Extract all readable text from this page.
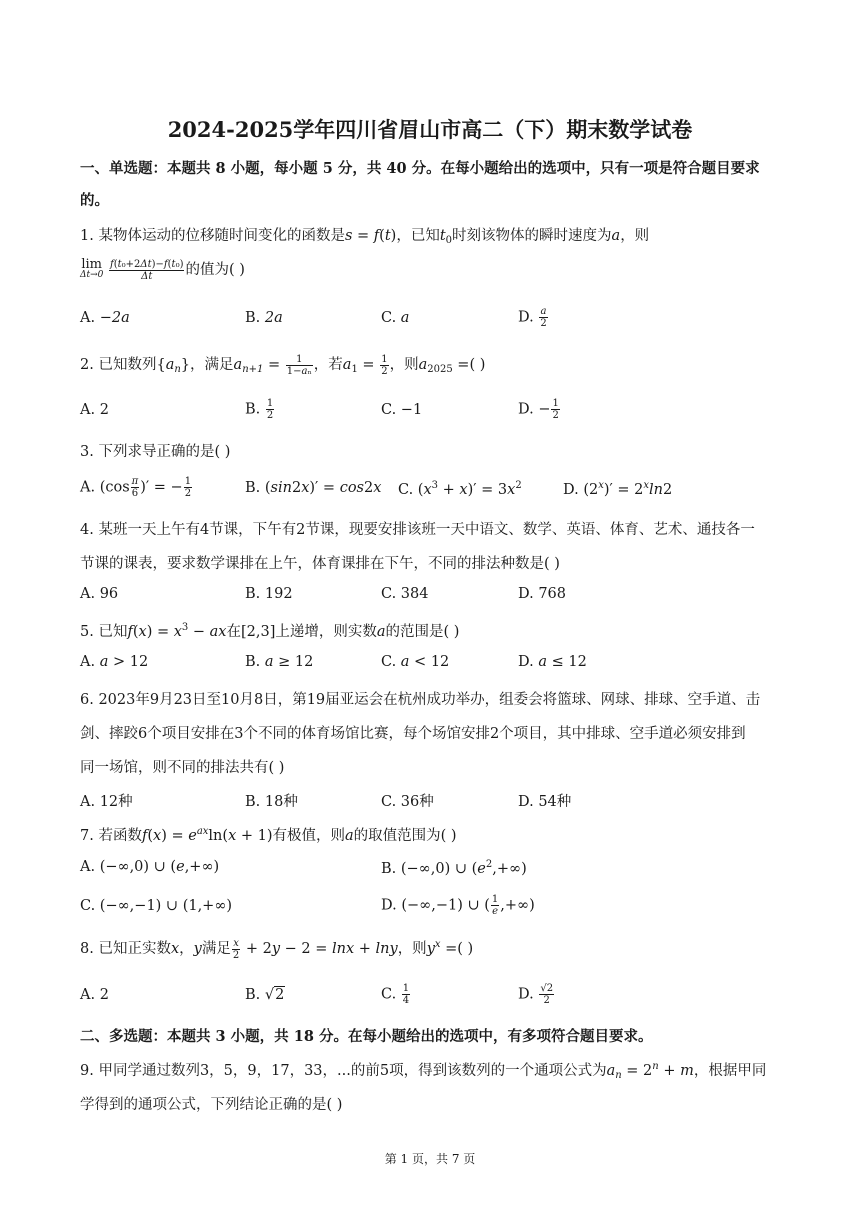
2024-2025学年四川省眉山市高二（下）期末数学试卷
一、单选题：本题共 8 小题，每小题 5 分，共 40 分。在每小题给出的选项中，只有一项是符合题目要求
的。
1. 某物体运动的位移随时间变化的函数是s = f(t)，已知$t_0$时刻该物体的瞬时速度为a，则
lim
Δt→0
$\frac{\text{f(t₀+2Δt)−f(t₀)}}{\Delta t}$ 的值为( )
A. −2a	B. 2a	C. a	D. $\frac{a}{2}$
2. 已知数列$\{a_n\}$，满足$a_{n+1} = \frac{1}{\text{1−aₙ}}$ ，若$a_1 = \frac{1}{2}$ ，则$a_{2025}$ =( )
A. 2	B. $\frac{1}{2}$	C. −1	D. − $\frac{1}{2}$
3. 下列求导正确的是( )
A. ($\cos \frac{\pi}{6}$ )′ = − $\frac{1}{2}$	B. (sin2x)′ = cos2x C. $(x^3 + x)' = 3x^2$	D. $(2^x)' = 2^x\ln 2$
4. 某班一天上午有4节课，下午有2节课，现要安排该班一天中语文、数学、英语、体育、艺术、通技各一
节课的课表，要求数学课排在上午，体育课排在下午，不同的排法种数是( )
A. 96	B. 192	C. 384	D. 768
5. 已知$f(x) = x^3$ − ax在[2,3]上递增，则实数a的范围是( )
A. a > 12	B. a ≥ 12	C. a < 12	D. a ≤ 12
6. 2023年9月23日至10月8日，第19届亚运会在杭州成功举办，组委会将篮球、网球、排球、空手道、击
剑、摔跤6个项目安排在3个不同的体育场馆比赛，每个场馆安排2个项目，其中排球、空手道必须安排到
同一场馆，则不同的排法共有( )
A. 12种	B. 18种	C. 36种	D. 54种
7. 若函数$f(x) = e^{ax}\ln(x + 1)$有极值，则a的取值范围为( )
A. (−∞,0) ∪ (e,+∞)	B. (−∞,0) ∪ $(e^2,+\infty)$
C. (−∞,−1) ∪ (1,+∞)	D. (−∞,−1) ∪ ( $\frac{1}{e}$ ,+∞)
8. 已知正实数x，y满足 $\frac{x}{2} + 2y - 2 = \ln x + \ln y$，则$y^x$ =( )
A. 2	B. √2	C. $\frac{1}{4}$	D. $\frac{√2}{2}$
二、多选题：本题共 3 小题，共 18 分。在每小题给出的选项中，有多项符合题目要求。
9. 甲同学通过数列3，5，9，17，33，...的前5项，得到该数列的一个通项公式为$a_n = 2^n + m$，根据甲同
学得到的通项公式，下列结论正确的是( )
第 1 页，共 7 页
